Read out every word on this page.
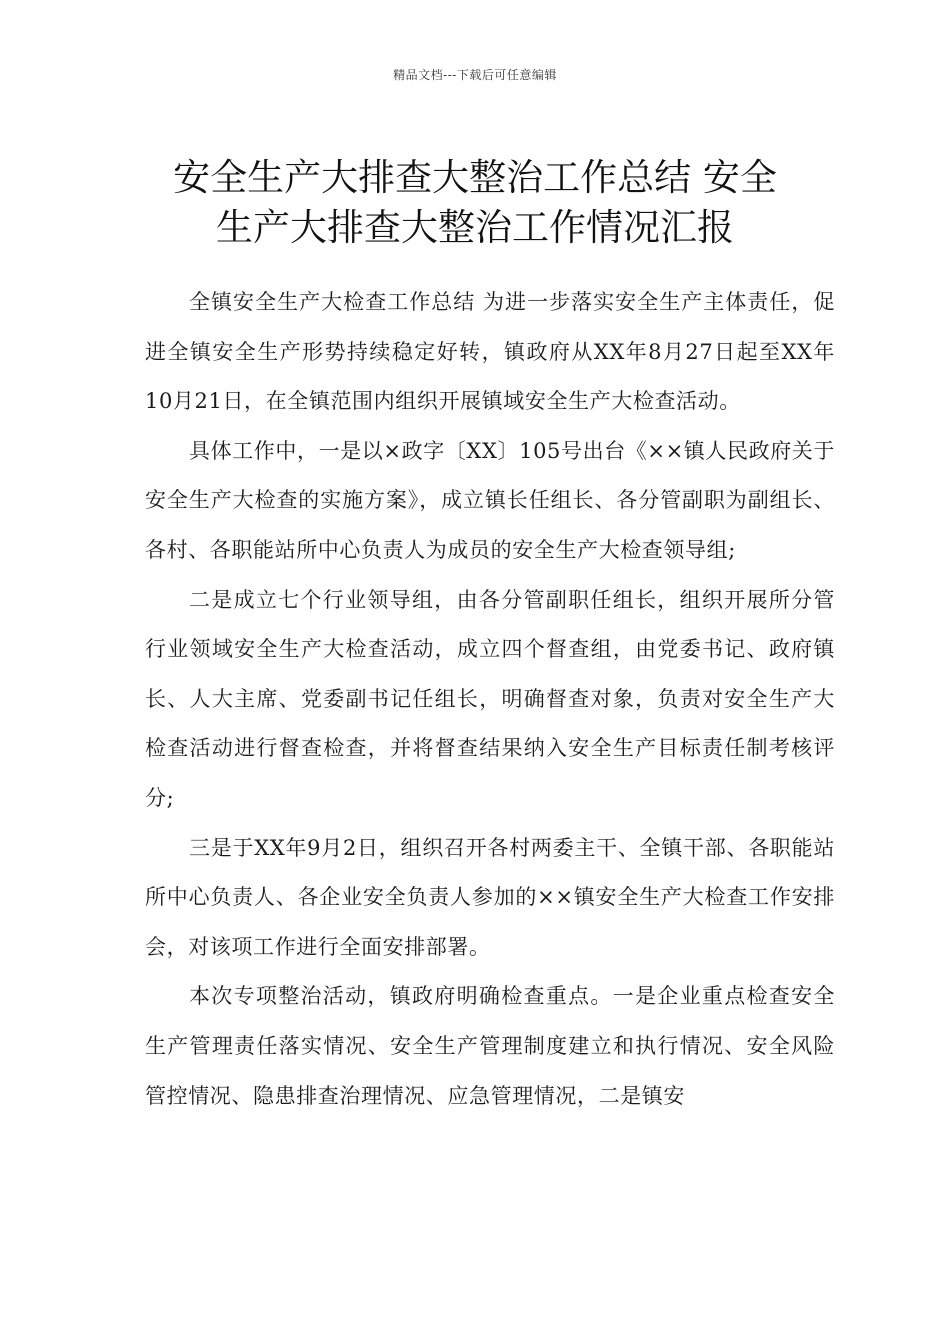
精品文档---下载后可任意编辑
安全生产大排查大整治工作总结 安全
生产大排查大整治工作情况汇报

全镇安全生产大检查工作总结 为进一步落实安全生产主体责任，促进全镇安全生产形势持续稳定好转，镇政府从XX年8月27日起至XX年10月21日，在全镇范围内组织开展镇域安全生产大检查活动。

具体工作中，一是以×政字〔XX〕105号出台《××镇人民政府关于安全生产大检查的实施方案》，成立镇长任组长、各分管副职为副组长、各村、各职能站所中心负责人为成员的安全生产大检查领导组;

二是成立七个行业领导组，由各分管副职任组长，组织开展所分管行业领域安全生产大检查活动，成立四个督查组，由党委书记、政府镇长、人大主席、党委副书记任组长，明确督查对象，负责对安全生产大检查活动进行督查检查，并将督查结果纳入安全生产目标责任制考核评分;

三是于XX年9月2日，组织召开各村两委主干、全镇干部、各职能站所中心负责人、各企业安全负责人参加的××镇安全生产大检查工作安排会，对该项工作进行全面安排部署。

本次专项整治活动，镇政府明确检查重点。一是企业重点检查安全生产管理责任落实情况、安全生产管理制度建立和执行情况、安全风险管控情况、隐患排查治理情况、应急管理情况，二是镇安
